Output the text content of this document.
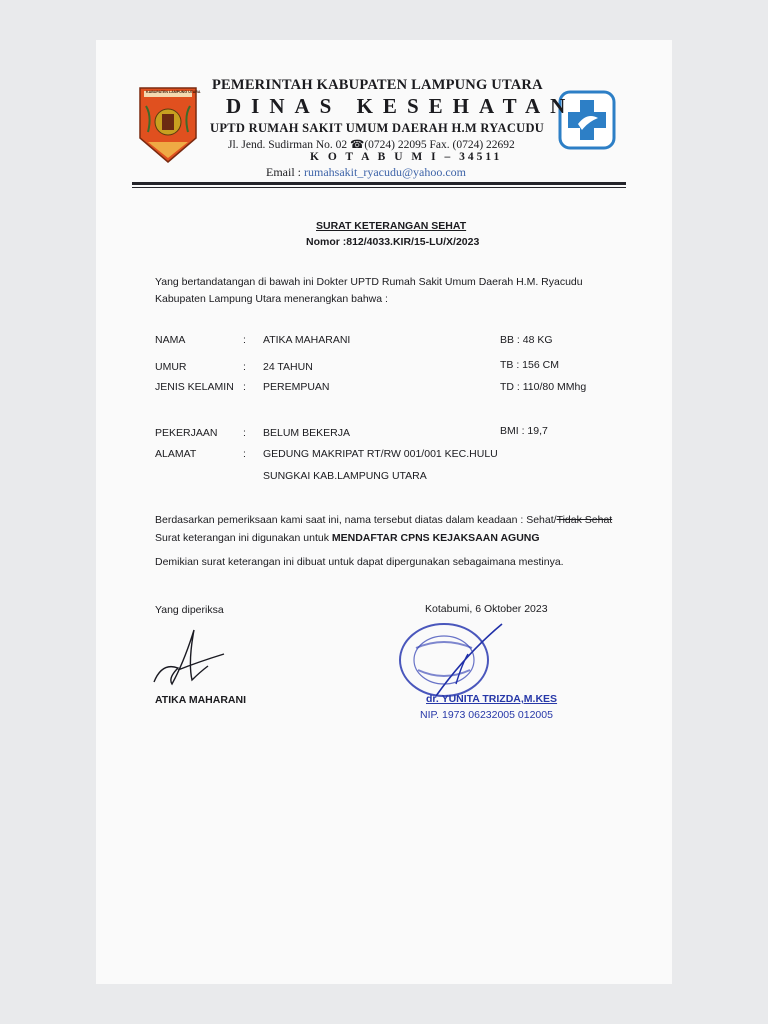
KABUPATEN LAMPUNG UTARA PEMERINTAH KABUPATEN LAMPUNG UTARA
DINAS KESEHATAN
UPTD RUMAH SAKIT UMUM DAERAH H.M RYACUDU
Jl. Jend. Sudirman No. 02 ☎(0724) 22095 Fax. (0724) 22692
K O T A B U M I – 34511
Email : rumahsakit_ryacudu@yahoo.com
SURAT KETERANGAN SEHAT
Nomor :812/4033.KIR/15-LU/X/2023
Yang bertandatangan di bawah ini Dokter UPTD Rumah Sakit Umum Daerah H.M. Ryacudu
Kabupaten Lampung Utara menerangkan bahwa :
NAMA	: ATIKA MAHARANI	BB : 48 KG
UMUR	: 24 TAHUN	TB : 156 CM
JENIS KELAMIN : PEREMPUAN	TD : 110/80 MMhg
PEKERJAAN : BELUM BEKERJA	BMI : 19,7
ALAMAT	: GEDUNG MAKRIPAT RT/RW 001/001 KEC.HULU
SUNGKAI KAB.LAMPUNG UTARA
Berdasarkan pemeriksaan kami saat ini, nama tersebut diatas dalam keadaan : Sehat/Tidak Sehat
Surat keterangan ini digunakan untuk MENDAFTAR CPNS KEJAKSAAN AGUNG
Demikian surat keterangan ini dibuat untuk dapat dipergunakan sebagaimana mestinya.
Yang diperiksa
ATIKA MAHARANI
Kotabumi, 6 Oktober 2023
dr. YUNITA TRIZDA,M.KES
NIP. 1973 06232005 012005
